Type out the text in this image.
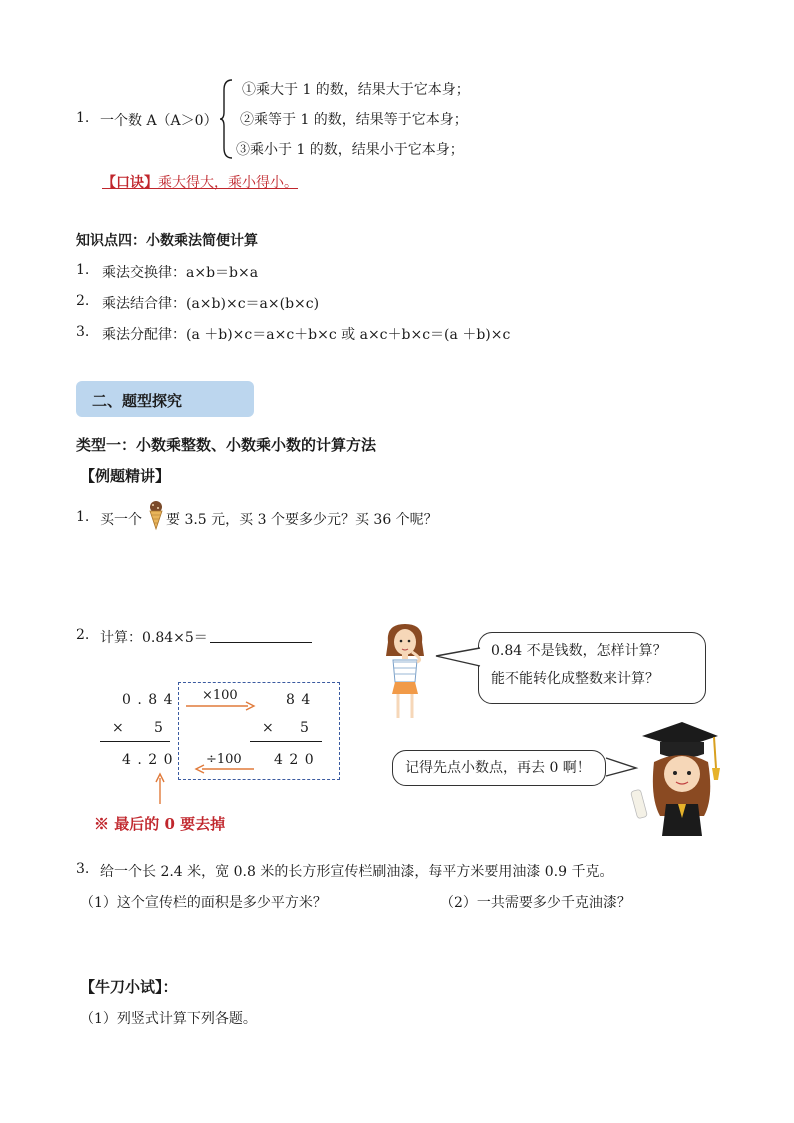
1. 一个数 A（A＞0）
①乘大于 1 的数，结果大于它本身；
②乘等于 1 的数，结果等于它本身；
③乘小于 1 的数，结果小于它本身；
【口诀】乘大得大，乘小得小。
知识点四：小数乘法简便计算
1. 乘法交换律：a×b＝b×a
2. 乘法结合律：(a×b)×c＝a×(b×c)
3. 乘法分配律：(a ＋b)×c＝a×c＋b×c 或 a×c＋b×c＝(a ＋b)×c
二、题型探究
类型一：小数乘整数、小数乘小数的计算方法
【例题精讲】
1. 买一个 要 3.5 元，买 3 个要多少元？买 36 个呢？
2. 计算：0.84×5＝
0 . 8 4
× 5
4 . 2 0
8 4
× 5
4 2 0
×100
÷100
※ 最后的 0 要去掉
0.84 不是钱数，怎样计算？
能不能转化成整数来计算？
记得先点小数点，再去 0 啊！
3. 给一个长 2.4 米，宽 0.8 米的长方形宣传栏刷油漆，每平方米要用油漆 0.9 千克。
（1）这个宣传栏的面积是多少平方米？	（2）一共需要多少千克油漆？
【牛刀小试】：
（1）列竖式计算下列各题。
